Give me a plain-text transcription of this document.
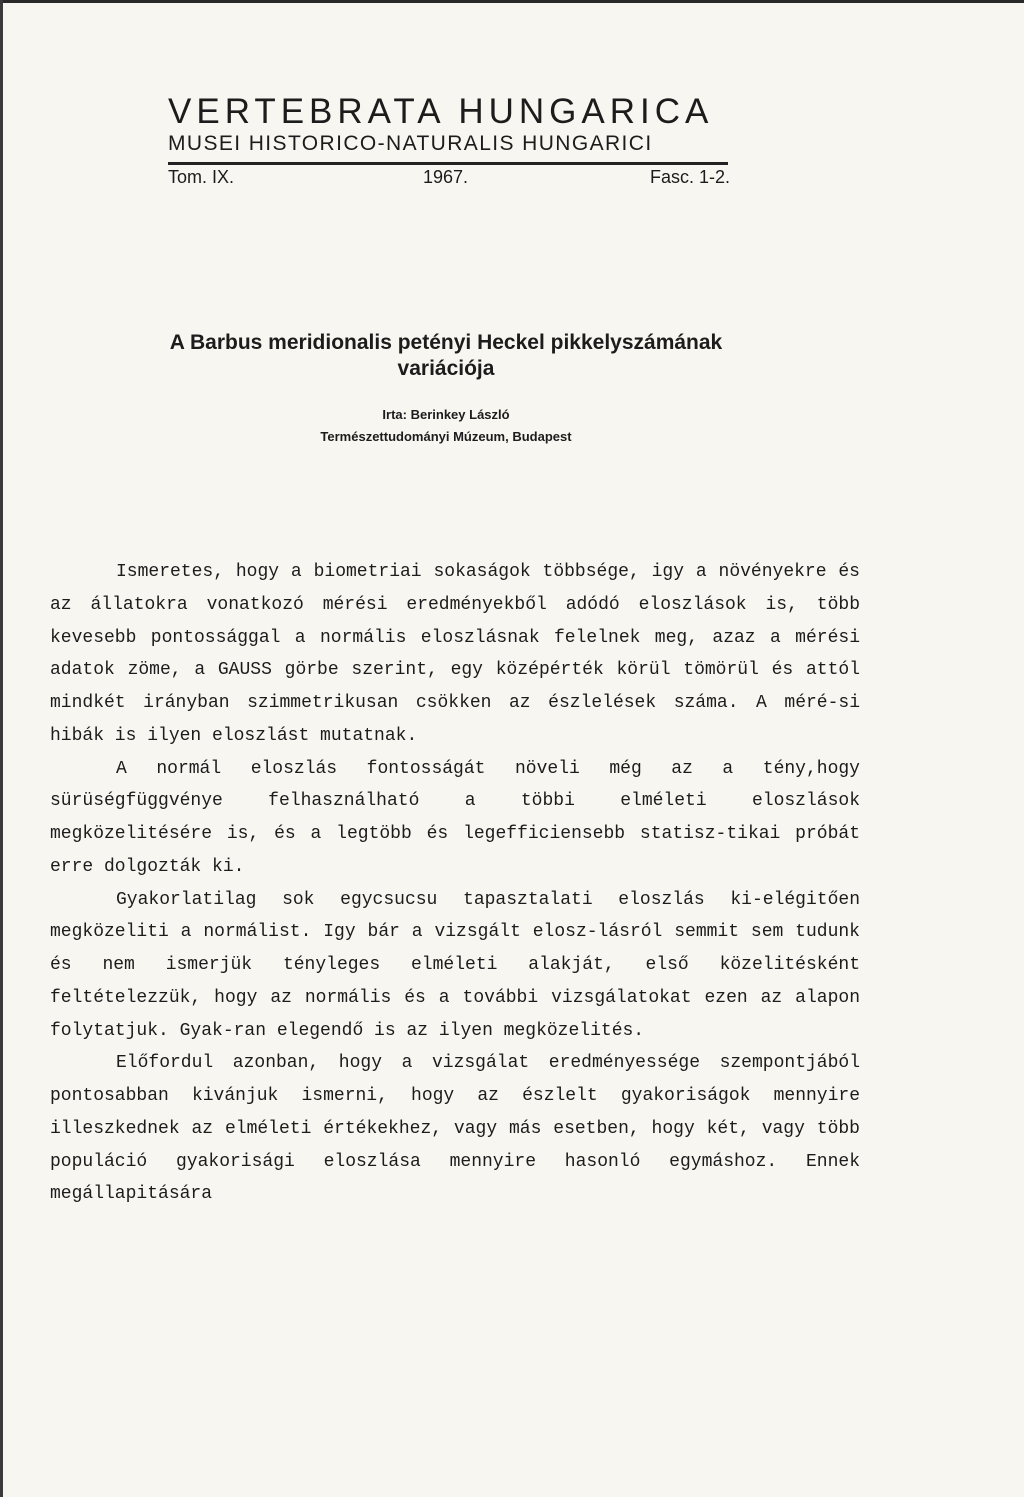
VERTEBRATA HUNGARICA
MUSEI HISTORICO-NATURALIS HUNGARICI
Tom. IX.	1967.	Fasc. 1-2.
A Barbus meridionalis petényi Heckel pikkelyszámának
variációja
Irta: Berinkey László
Természettudományi Múzeum, Budapest

Ismeretes, hogy a biometriai sokaságok többsége, igy a növényekre és az állatokra vonatkozó mérési eredményekből adódó eloszlások is, több kevesebb pontossággal a normális eloszlásnak felelnek meg, azaz a mérési adatok zöme, a GAUSS görbe szerint, egy középérték körül tömörül és attól mindkét irányban szimmetrikusan csökken az észlelések száma. A méré-si hibák is ilyen eloszlást mutatnak.

A normál eloszlás fontosságát növeli még az a tény,hogy sürüségfüggvénye felhasználható a többi elméleti eloszlások megközelitésére is, és a legtöbb és legefficiensebb statisz-tikai próbát erre dolgozták ki.

Gyakorlatilag sok egycsucsu tapasztalati eloszlás ki-elégitően megközeliti a normálist. Igy bár a vizsgált elosz-lásról semmit sem tudunk és nem ismerjük tényleges elméleti alakját, első közelitésként feltételezzük, hogy az normális és a további vizsgálatokat ezen az alapon folytatjuk. Gyak-ran elegendő is az ilyen megközelités.

Előfordul azonban, hogy a vizsgálat eredményessége szempontjából pontosabban kivánjuk ismerni, hogy az észlelt gyakoriságok mennyire illeszkednek az elméleti értékekhez, vagy más esetben, hogy két, vagy több populáció gyakorisági eloszlása mennyire hasonló egymáshoz. Ennek megállapitására
